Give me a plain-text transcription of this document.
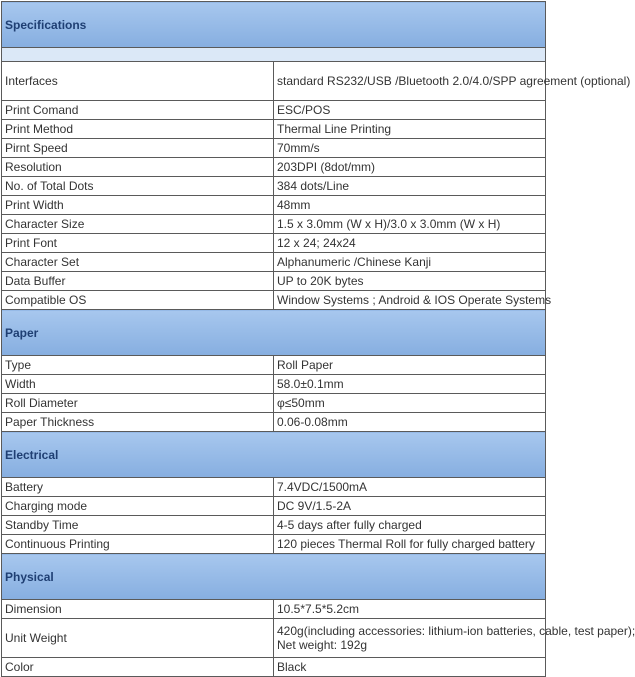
Specifications	

Interfaces	standard RS232/USB /Bluetooth 2.0/4.0/SPP agreement (optional)
Print Comand	ESC/POS
Print Method	Thermal Line Printing
Pirnt Speed	70mm/s
Resolution	203DPI (8dot/mm)
No. of Total Dots	384 dots/Line
Print Width	48mm
Character Size	1.5 x 3.0mm (W x H)/3.0 x 3.0mm (W x H)
Print Font	12 x 24; 24x24
Character Set	Alphanumeric /Chinese Kanji
Data Buffer	UP to 20K bytes
Compatible OS	Window Systems ; Android & IOS Operate Systems
Paper	
Type	Roll Paper
Width	58.0±0.1mm
Roll Diameter	φ≤50mm
Paper Thickness	0.06-0.08mm
Electrical	
Battery	7.4VDC/1500mA
Charging mode	DC 9V/1.5-2A
Standby Time	4-5 days after fully charged
Continuous Printing	120 pieces Thermal Roll for fully charged battery
Physical	
Dimension	10.5*7.5*5.2cm
Unit Weight	420g(including accessories: lithium-ion batteries, cable, test paper);
Net weight: 192g

Color	Black
